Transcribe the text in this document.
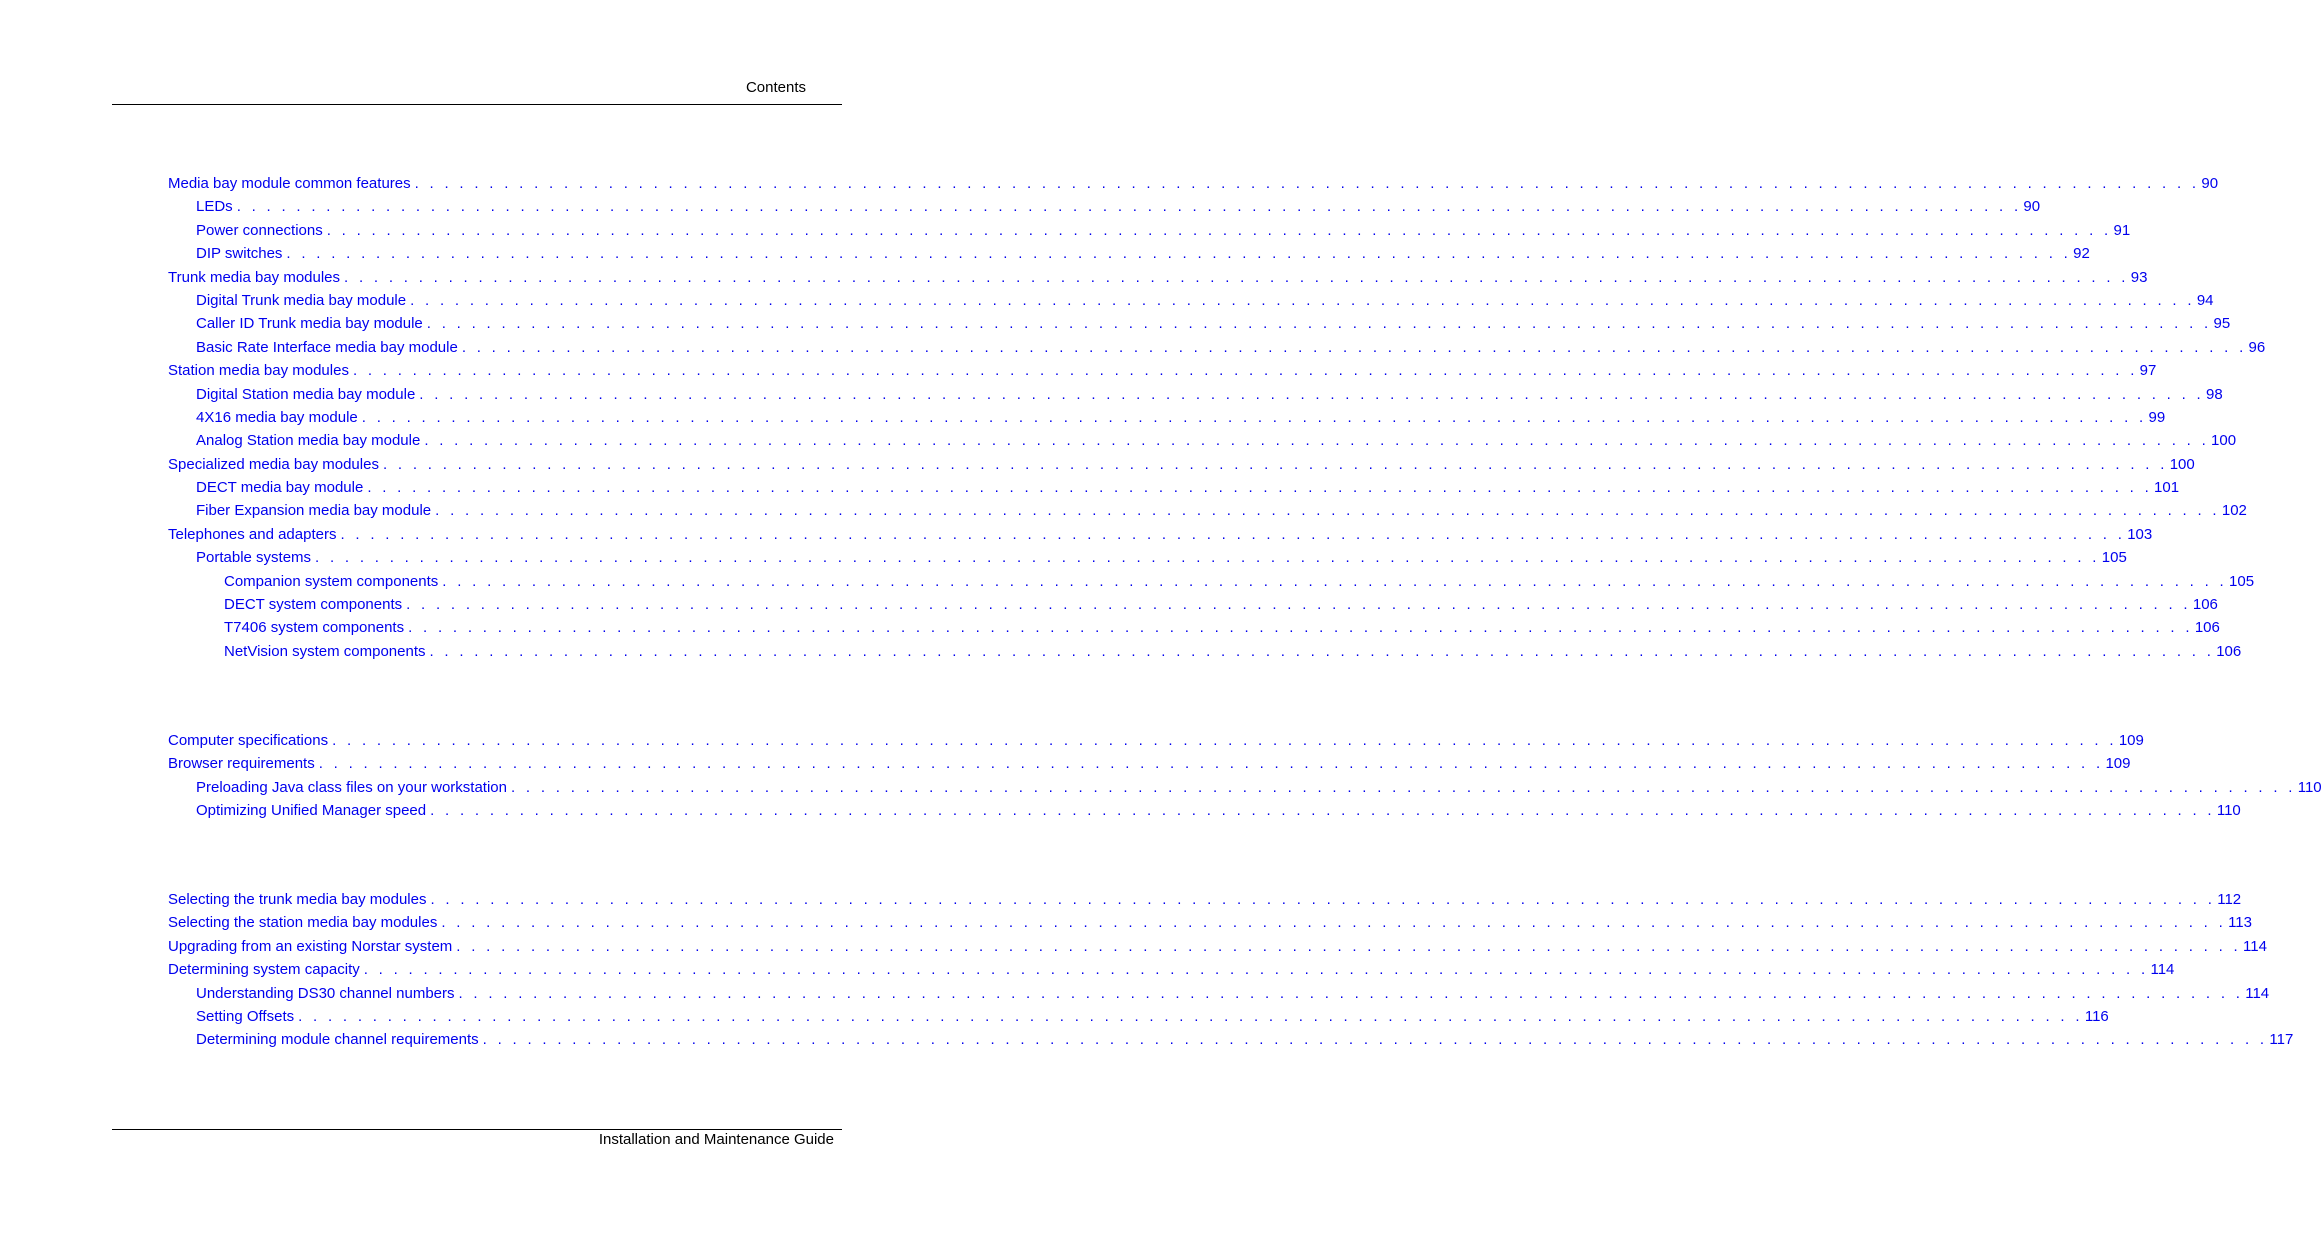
Contents
Media bay module common features . . . . . . . . . . . . . . . . . . . . . . . . . . . . . . . . . . . . . . . . . . . . . . . . . . . . . . . . . . . . . . . . . . . . . . . . . . . . . . . . . . . . . . . . . . . . . . . . . . . . . . . . . . . . . . . . . . . . . . . . 90
LEDs . . . . . . . . . . . . . . . . . . . . . . . . . . . . . . . . . . . . . . . . . . . . . . . . . . . . . . . . . . . . . . . . . . . . . . . . . . . . . . . . . . . . . . . . . . . . . . . . . . . . . . . . . . . . . . . . . . . . . . . . 90
Power connections . . . . . . . . . . . . . . . . . . . . . . . . . . . . . . . . . . . . . . . . . . . . . . . . . . . . . . . . . . . . . . . . . . . . . . . . . . . . . . . . . . . . . . . . . . . . . . . . . . . . . . . . . . . . . . . . . . . . . . . . 91
DIP switches . . . . . . . . . . . . . . . . . . . . . . . . . . . . . . . . . . . . . . . . . . . . . . . . . . . . . . . . . . . . . . . . . . . . . . . . . . . . . . . . . . . . . . . . . . . . . . . . . . . . . . . . . . . . . . . . . . . . . . . . 92
Trunk media bay modules . . . . . . . . . . . . . . . . . . . . . . . . . . . . . . . . . . . . . . . . . . . . . . . . . . . . . . . . . . . . . . . . . . . . . . . . . . . . . . . . . . . . . . . . . . . . . . . . . . . . . . . . . . . . . . . . . . . . . . . . 93
Digital Trunk media bay module . . . . . . . . . . . . . . . . . . . . . . . . . . . . . . . . . . . . . . . . . . . . . . . . . . . . . . . . . . . . . . . . . . . . . . . . . . . . . . . . . . . . . . . . . . . . . . . . . . . . . . . . . . . . . . . . . . . . . . . . 94
Caller ID Trunk media bay module . . . . . . . . . . . . . . . . . . . . . . . . . . . . . . . . . . . . . . . . . . . . . . . . . . . . . . . . . . . . . . . . . . . . . . . . . . . . . . . . . . . . . . . . . . . . . . . . . . . . . . . . . . . . . . . . . . . . . . . . 95
Basic Rate Interface media bay module . . . . . . . . . . . . . . . . . . . . . . . . . . . . . . . . . . . . . . . . . . . . . . . . . . . . . . . . . . . . . . . . . . . . . . . . . . . . . . . . . . . . . . . . . . . . . . . . . . . . . . . . . . . . . . . . . . . . . . . . 96
Station media bay modules . . . . . . . . . . . . . . . . . . . . . . . . . . . . . . . . . . . . . . . . . . . . . . . . . . . . . . . . . . . . . . . . . . . . . . . . . . . . . . . . . . . . . . . . . . . . . . . . . . . . . . . . . . . . . . . . . . . . . . . . 97
Digital Station media bay module . . . . . . . . . . . . . . . . . . . . . . . . . . . . . . . . . . . . . . . . . . . . . . . . . . . . . . . . . . . . . . . . . . . . . . . . . . . . . . . . . . . . . . . . . . . . . . . . . . . . . . . . . . . . . . . . . . . . . . . . 98
4X16 media bay module . . . . . . . . . . . . . . . . . . . . . . . . . . . . . . . . . . . . . . . . . . . . . . . . . . . . . . . . . . . . . . . . . . . . . . . . . . . . . . . . . . . . . . . . . . . . . . . . . . . . . . . . . . . . . . . . . . . . . . . . 99
Analog Station media bay module . . . . . . . . . . . . . . . . . . . . . . . . . . . . . . . . . . . . . . . . . . . . . . . . . . . . . . . . . . . . . . . . . . . . . . . . . . . . . . . . . . . . . . . . . . . . . . . . . . . . . . . . . . . . . . . . . . . . . . . . 100
Specialized media bay modules . . . . . . . . . . . . . . . . . . . . . . . . . . . . . . . . . . . . . . . . . . . . . . . . . . . . . . . . . . . . . . . . . . . . . . . . . . . . . . . . . . . . . . . . . . . . . . . . . . . . . . . . . . . . . . . . . . . . . . . . 100
DECT media bay module . . . . . . . . . . . . . . . . . . . . . . . . . . . . . . . . . . . . . . . . . . . . . . . . . . . . . . . . . . . . . . . . . . . . . . . . . . . . . . . . . . . . . . . . . . . . . . . . . . . . . . . . . . . . . . . . . . . . . . . . 101
Fiber Expansion media bay module . . . . . . . . . . . . . . . . . . . . . . . . . . . . . . . . . . . . . . . . . . . . . . . . . . . . . . . . . . . . . . . . . . . . . . . . . . . . . . . . . . . . . . . . . . . . . . . . . . . . . . . . . . . . . . . . . . . . . . . . 102
Telephones and adapters . . . . . . . . . . . . . . . . . . . . . . . . . . . . . . . . . . . . . . . . . . . . . . . . . . . . . . . . . . . . . . . . . . . . . . . . . . . . . . . . . . . . . . . . . . . . . . . . . . . . . . . . . . . . . . . . . . . . . . . . 103
Portable systems . . . . . . . . . . . . . . . . . . . . . . . . . . . . . . . . . . . . . . . . . . . . . . . . . . . . . . . . . . . . . . . . . . . . . . . . . . . . . . . . . . . . . . . . . . . . . . . . . . . . . . . . . . . . . . . . . . . . . . . . 105
Companion system components . . . . . . . . . . . . . . . . . . . . . . . . . . . . . . . . . . . . . . . . . . . . . . . . . . . . . . . . . . . . . . . . . . . . . . . . . . . . . . . . . . . . . . . . . . . . . . . . . . . . . . . . . . . . . . . . . . . . . . . . 105
DECT system components . . . . . . . . . . . . . . . . . . . . . . . . . . . . . . . . . . . . . . . . . . . . . . . . . . . . . . . . . . . . . . . . . . . . . . . . . . . . . . . . . . . . . . . . . . . . . . . . . . . . . . . . . . . . . . . . . . . . . . . . 106
T7406 system components . . . . . . . . . . . . . . . . . . . . . . . . . . . . . . . . . . . . . . . . . . . . . . . . . . . . . . . . . . . . . . . . . . . . . . . . . . . . . . . . . . . . . . . . . . . . . . . . . . . . . . . . . . . . . . . . . . . . . . . . 106
NetVision system components . . . . . . . . . . . . . . . . . . . . . . . . . . . . . . . . . . . . . . . . . . . . . . . . . . . . . . . . . . . . . . . . . . . . . . . . . . . . . . . . . . . . . . . . . . . . . . . . . . . . . . . . . . . . . . . . . . . . . . . . 106
Computer specifications . . . . . . . . . . . . . . . . . . . . . . . . . . . . . . . . . . . . . . . . . . . . . . . . . . . . . . . . . . . . . . . . . . . . . . . . . . . . . . . . . . . . . . . . . . . . . . . . . . . . . . . . . . . . . . . . . . . . . . . . 109
Browser requirements . . . . . . . . . . . . . . . . . . . . . . . . . . . . . . . . . . . . . . . . . . . . . . . . . . . . . . . . . . . . . . . . . . . . . . . . . . . . . . . . . . . . . . . . . . . . . . . . . . . . . . . . . . . . . . . . . . . . . . . . 109
Preloading Java class files on your workstation . . . . . . . . . . . . . . . . . . . . . . . . . . . . . . . . . . . . . . . . . . . . . . . . . . . . . . . . . . . . . . . . . . . . . . . . . . . . . . . . . . . . . . . . . . . . . . . . . . . . . . . . . . . . . . . . . . . . . . . . 110
Optimizing Unified Manager speed . . . . . . . . . . . . . . . . . . . . . . . . . . . . . . . . . . . . . . . . . . . . . . . . . . . . . . . . . . . . . . . . . . . . . . . . . . . . . . . . . . . . . . . . . . . . . . . . . . . . . . . . . . . . . . . . . . . . . . . . 110
Selecting the trunk media bay modules . . . . . . . . . . . . . . . . . . . . . . . . . . . . . . . . . . . . . . . . . . . . . . . . . . . . . . . . . . . . . . . . . . . . . . . . . . . . . . . . . . . . . . . . . . . . . . . . . . . . . . . . . . . . . . . . . . . . . . . . 112
Selecting the station media bay modules . . . . . . . . . . . . . . . . . . . . . . . . . . . . . . . . . . . . . . . . . . . . . . . . . . . . . . . . . . . . . . . . . . . . . . . . . . . . . . . . . . . . . . . . . . . . . . . . . . . . . . . . . . . . . . . . . . . . . . . . 113
Upgrading from an existing Norstar system . . . . . . . . . . . . . . . . . . . . . . . . . . . . . . . . . . . . . . . . . . . . . . . . . . . . . . . . . . . . . . . . . . . . . . . . . . . . . . . . . . . . . . . . . . . . . . . . . . . . . . . . . . . . . . . . . . . . . . . . 114
Determining system capacity . . . . . . . . . . . . . . . . . . . . . . . . . . . . . . . . . . . . . . . . . . . . . . . . . . . . . . . . . . . . . . . . . . . . . . . . . . . . . . . . . . . . . . . . . . . . . . . . . . . . . . . . . . . . . . . . . . . . . . . . 114
Understanding DS30 channel numbers . . . . . . . . . . . . . . . . . . . . . . . . . . . . . . . . . . . . . . . . . . . . . . . . . . . . . . . . . . . . . . . . . . . . . . . . . . . . . . . . . . . . . . . . . . . . . . . . . . . . . . . . . . . . . . . . . . . . . . . . 114
Setting Offsets . . . . . . . . . . . . . . . . . . . . . . . . . . . . . . . . . . . . . . . . . . . . . . . . . . . . . . . . . . . . . . . . . . . . . . . . . . . . . . . . . . . . . . . . . . . . . . . . . . . . . . . . . . . . . . . . . . . . . . . . 116
Determining module channel requirements . . . . . . . . . . . . . . . . . . . . . . . . . . . . . . . . . . . . . . . . . . . . . . . . . . . . . . . . . . . . . . . . . . . . . . . . . . . . . . . . . . . . . . . . . . . . . . . . . . . . . . . . . . . . . . . . . . . . . . . . 117
Installation and Maintenance Guide
